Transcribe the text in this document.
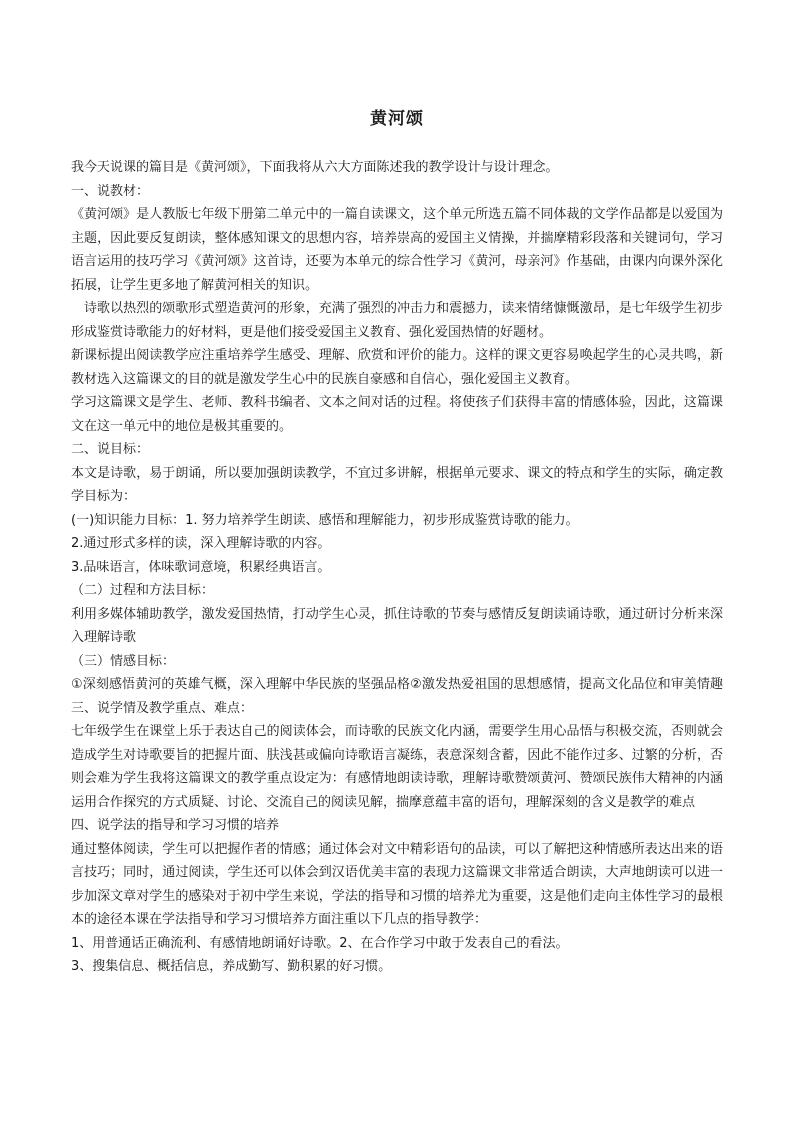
黄河颂

我今天说课的篇目是《黄河颂》，下面我将从六大方面陈述我的教学设计与设计理念。

一、说教材：

《黄河颂》是人教版七年级下册第二单元中的一篇自读课文，这个单元所选五篇不同体裁的文学作品都是以爱国为主题，因此要反复朗读，整体感知课文的思想内容，培养崇高的爱国主义情操，并揣摩精彩段落和关键词句，学习语言运用的技巧学习《黄河颂》这首诗，还要为本单元的综合性学习《黄河，母亲河》作基础，由课内向课外深化拓展，让学生更多地了解黄河相关的知识。

诗歌以热烈的颂歌形式塑造黄河的形象，充满了强烈的冲击力和震撼力，读来情绪慷慨激昂，是七年级学生初步形成鉴赏诗歌能力的好材料，更是他们接受爱国主义教育、强化爱国热情的好题材。

新课标提出阅读教学应注重培养学生感受、理解、欣赏和评价的能力。这样的课文更容易唤起学生的心灵共鸣，新教材选入这篇课文的目的就是激发学生心中的民族自豪感和自信心，强化爱国主义教育。

学习这篇课文是学生、老师、教科书编者、文本之间对话的过程。将使孩子们获得丰富的情感体验，因此，这篇课文在这一单元中的地位是极其重要的。

二、说目标：

本文是诗歌，易于朗诵，所以要加强朗读教学，不宜过多讲解，根据单元要求、课文的特点和学生的实际，确定教学目标为：

(一)知识能力目标：1. 努力培养学生朗读、感悟和理解能力，初步形成鉴赏诗歌的能力。

2.通过形式多样的读，深入理解诗歌的内容。

3.品味语言，体味歌词意境，积累经典语言。

（二）过程和方法目标：

利用多媒体辅助教学，激发爱国热情，打动学生心灵，抓住诗歌的节奏与感情反复朗读诵诗歌，通过研讨分析来深入理解诗歌

（三）情感目标：

①深刻感悟黄河的英雄气概，深入理解中华民族的坚强品格②激发热爱祖国的思想感情，提高文化品位和审美情趣三、说学情及教学重点、难点：

七年级学生在课堂上乐于表达自己的阅读体会，而诗歌的民族文化内涵，需要学生用心品悟与积极交流，否则就会造成学生对诗歌要旨的把握片面、肤浅甚或偏向诗歌语言凝练，表意深刻含蓄，因此不能作过多、过繁的分析，否则会难为学生我将这篇课文的教学重点设定为：有感情地朗读诗歌，理解诗歌赞颂黄河、赞颂民族伟大精神的内涵运用合作探究的方式质疑、讨论、交流自己的阅读见解，揣摩意蕴丰富的语句，理解深刻的含义是教学的难点

四、说学法的指导和学习习惯的培养

通过整体阅读，学生可以把握作者的情感；通过体会对文中精彩语句的品读，可以了解把这种情感所表达出来的语言技巧；同时，通过阅读，学生还可以体会到汉语优美丰富的表现力这篇课文非常适合朗读，大声地朗读可以进一步加深文章对学生的感染对于初中学生来说，学法的指导和习惯的培养尤为重要，这是他们走向主体性学习的最根本的途径本课在学法指导和学习习惯培养方面注重以下几点的指导教学：

1、用普通话正确流利、有感情地朗诵好诗歌。2、在合作学习中敢于发表自己的看法。

3、搜集信息、概括信息，养成勤写、勤积累的好习惯。
